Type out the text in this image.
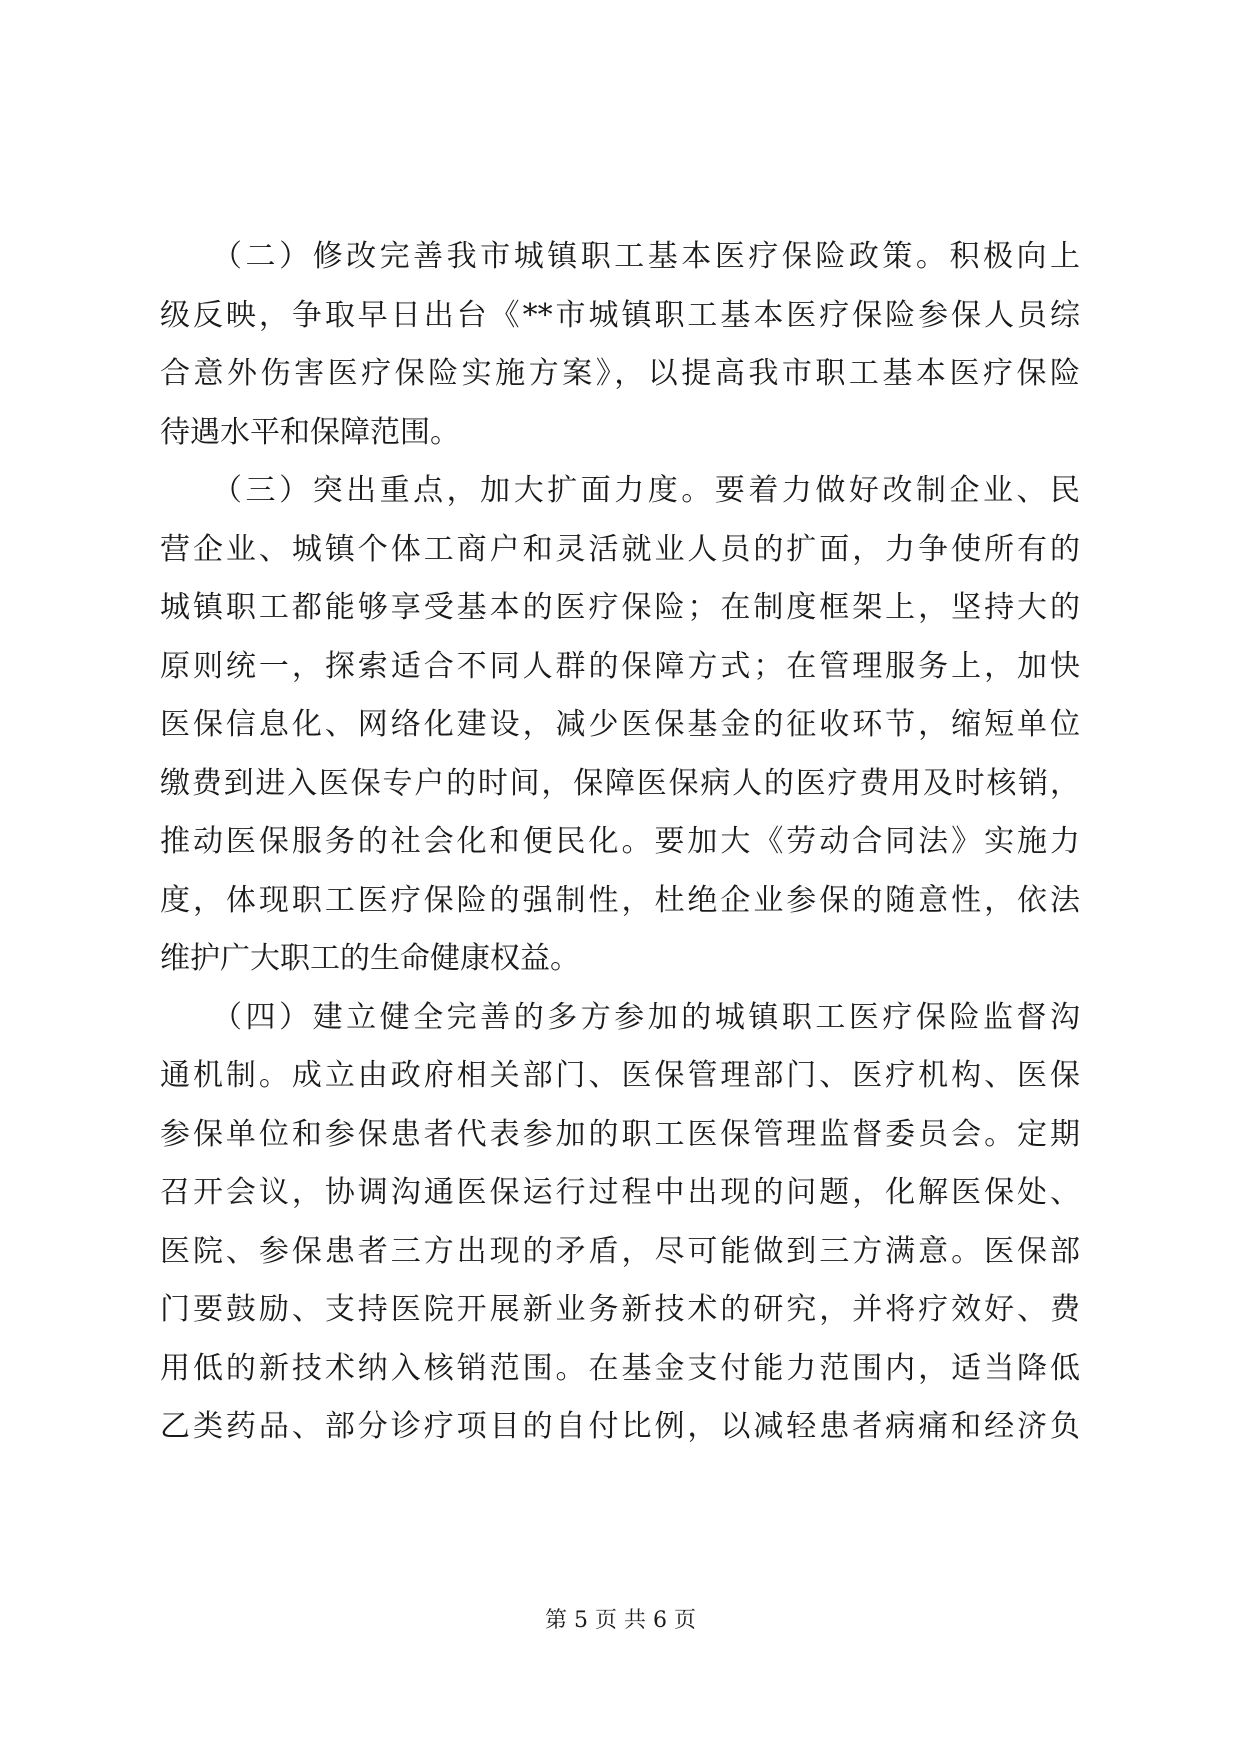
　　（二）修改完善我市城镇职工基本医疗保险政策。积极向上
级反映，争取早日出台《**市城镇职工基本医疗保险参保人员综
合意外伤害医疗保险实施方案》，以提高我市职工基本医疗保险
待遇水平和保障范围。
　　（三）突出重点，加大扩面力度。要着力做好改制企业、民
营企业、城镇个体工商户和灵活就业人员的扩面，力争使所有的
城镇职工都能够享受基本的医疗保险；在制度框架上，坚持大的
原则统一，探索适合不同人群的保障方式；在管理服务上，加快
医保信息化、网络化建设，减少医保基金的征收环节，缩短单位
缴费到进入医保专户的时间，保障医保病人的医疗费用及时核销，
推动医保服务的社会化和便民化。要加大《劳动合同法》实施力
度，体现职工医疗保险的强制性，杜绝企业参保的随意性，依法
维护广大职工的生命健康权益。
　　（四）建立健全完善的多方参加的城镇职工医疗保险监督沟
通机制。成立由政府相关部门、医保管理部门、医疗机构、医保
参保单位和参保患者代表参加的职工医保管理监督委员会。定期
召开会议，协调沟通医保运行过程中出现的问题，化解医保处、
医院、参保患者三方出现的矛盾，尽可能做到三方满意。医保部
门要鼓励、支持医院开展新业务新技术的研究，并将疗效好、费
用低的新技术纳入核销范围。在基金支付能力范围内，适当降低
乙类药品、部分诊疗项目的自付比例，以减轻患者病痛和经济负
第 5 页 共 6 页
